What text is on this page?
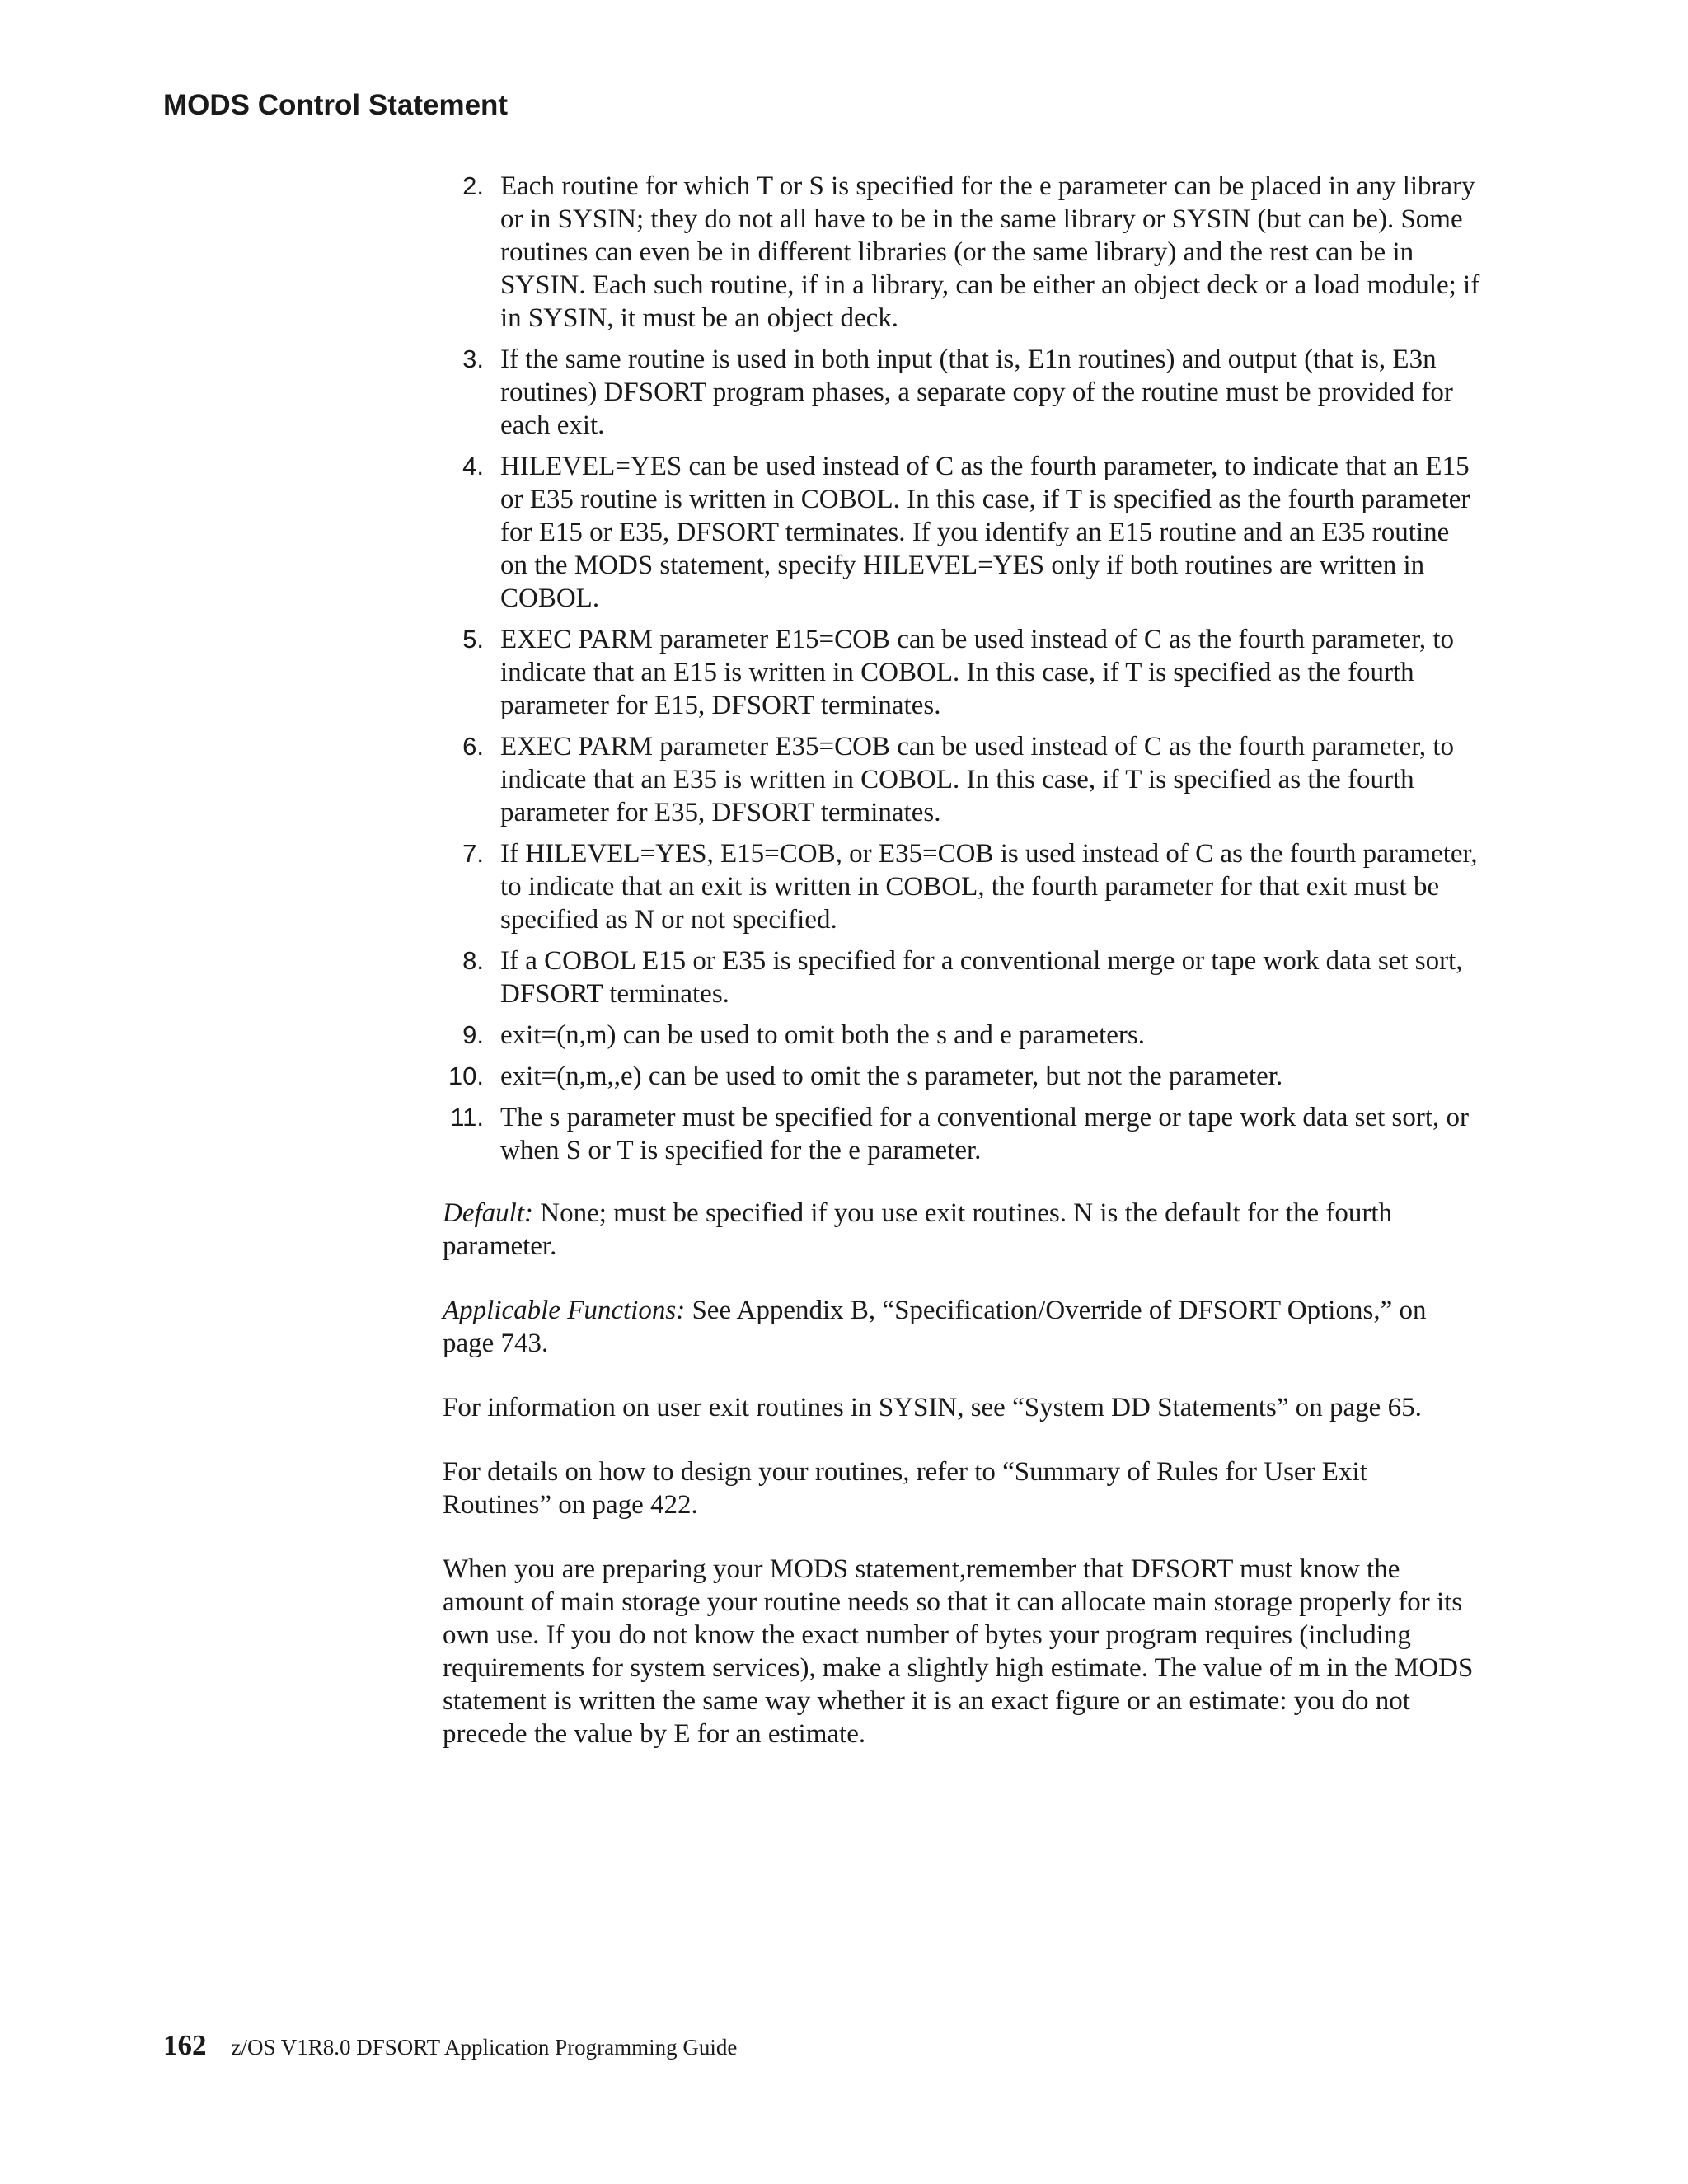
MODS Control Statement
2. Each routine for which T or S is specified for the e parameter can be placed in any library or in SYSIN; they do not all have to be in the same library or SYSIN (but can be). Some routines can even be in different libraries (or the same library) and the rest can be in SYSIN. Each such routine, if in a library, can be either an object deck or a load module; if in SYSIN, it must be an object deck.
3. If the same routine is used in both input (that is, E1n routines) and output (that is, E3n routines) DFSORT program phases, a separate copy of the routine must be provided for each exit.
4. HILEVEL=YES can be used instead of C as the fourth parameter, to indicate that an E15 or E35 routine is written in COBOL. In this case, if T is specified as the fourth parameter for E15 or E35, DFSORT terminates. If you identify an E15 routine and an E35 routine on the MODS statement, specify HILEVEL=YES only if both routines are written in COBOL.
5. EXEC PARM parameter E15=COB can be used instead of C as the fourth parameter, to indicate that an E15 is written in COBOL. In this case, if T is specified as the fourth parameter for E15, DFSORT terminates.
6. EXEC PARM parameter E35=COB can be used instead of C as the fourth parameter, to indicate that an E35 is written in COBOL. In this case, if T is specified as the fourth parameter for E35, DFSORT terminates.
7. If HILEVEL=YES, E15=COB, or E35=COB is used instead of C as the fourth parameter, to indicate that an exit is written in COBOL, the fourth parameter for that exit must be specified as N or not specified.
8. If a COBOL E15 or E35 is specified for a conventional merge or tape work data set sort, DFSORT terminates.
9. exit=(n,m) can be used to omit both the s and e parameters.
10. exit=(n,m,,e) can be used to omit the s parameter, but not the parameter.
11. The s parameter must be specified for a conventional merge or tape work data set sort, or when S or T is specified for the e parameter.

Default: None; must be specified if you use exit routines. N is the default for the fourth parameter.

Applicable Functions: See Appendix B, “Specification/Override of DFSORT Options,” on page 743.

For information on user exit routines in SYSIN, see “System DD Statements” on page 65.

For details on how to design your routines, refer to “Summary of Rules for User Exit Routines” on page 422.

When you are preparing your MODS statement,remember that DFSORT must know the amount of main storage your routine needs so that it can allocate main storage properly for its own use. If you do not know the exact number of bytes your program requires (including requirements for system services), make a slightly high estimate. The value of m in the MODS statement is written the same way whether it is an exact figure or an estimate: you do not precede the value by E for an estimate.

162 z/OS V1R8.0 DFSORT Application Programming Guide
